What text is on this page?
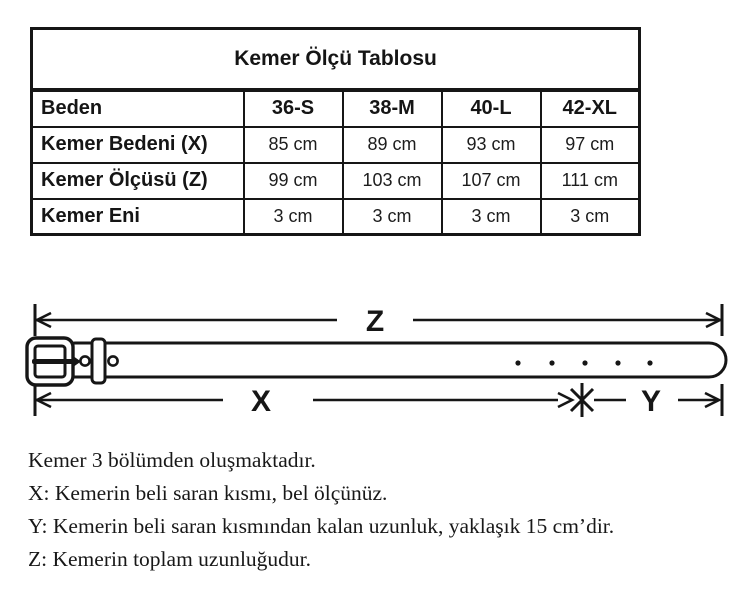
Kemer Ölçü Tablosu				
Beden	36-S	38-M	40-L	42-XL
Kemer Bedeni (X)	85 cm	89 cm	93 cm	97 cm
Kemer Ölçüsü (Z)	99 cm	103 cm	107 cm	111 cm
Kemer Eni	3 cm	3 cm	3 cm	3 cm
Z
X	Y
Kemer 3 bölümden oluşmaktadır.
X: Kemerin beli saran kısmı, bel ölçünüz.
Y: Kemerin beli saran kısmından kalan uzunluk, yaklaşık 15 cm’dir.
Z: Kemerin toplam uzunluğudur.
